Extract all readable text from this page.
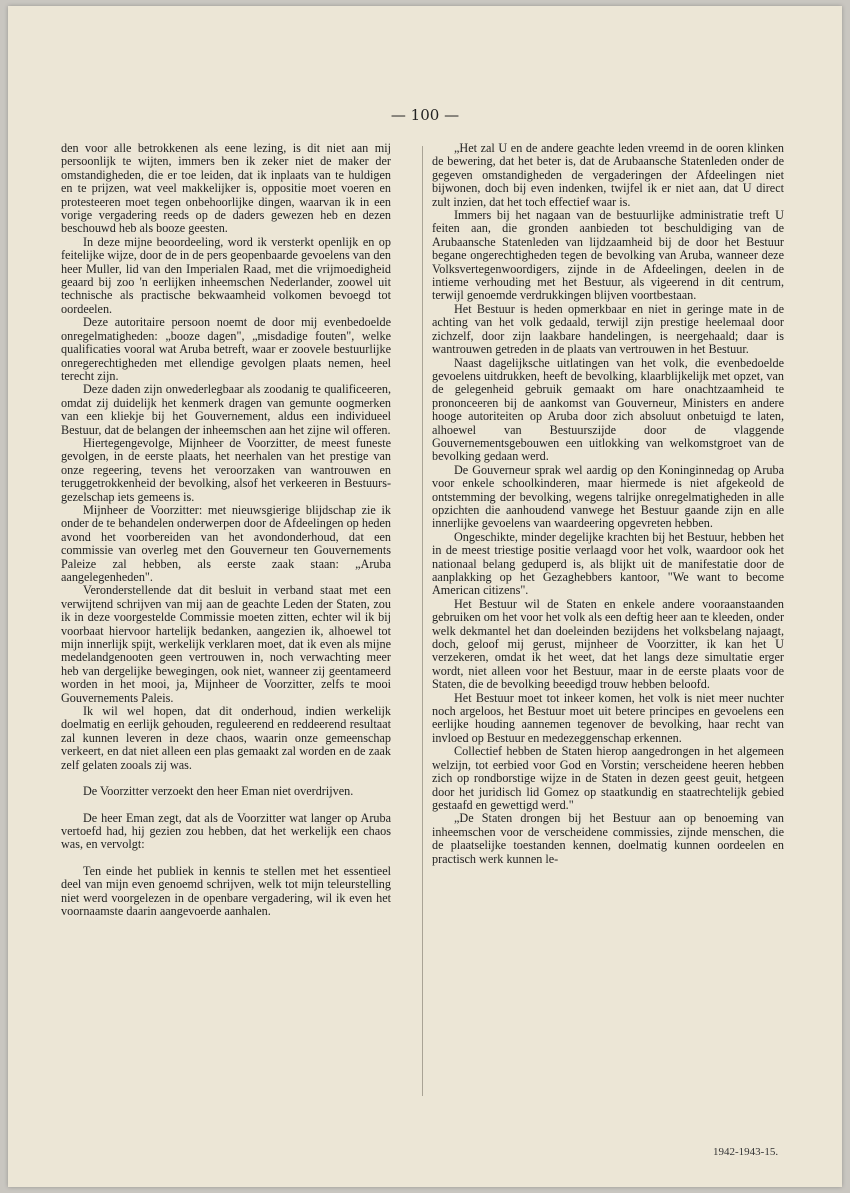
— 100 —

den voor alle betrokkenen als eene lezing, is dit niet aan mij persoonlijk te wijten, immers ben ik zeker niet de maker der omstandigheden, die er toe leiden, dat ik inplaats van te huldigen en te prijzen, wat veel makkelijker is, oppositie moet voeren en protesteeren moet tegen onbehoorlijke dingen, waarvan ik in een vorige vergadering reeds op de daders gewezen heb en dezen beschouwd heb als booze geesten.

In deze mijne beoordeeling, word ik versterkt openlijk en op feitelijke wijze, door de in de pers geopenbaarde gevoelens van den heer Muller, lid van den Imperialen Raad, met die vrijmoedigheid geaard bij zoo 'n eerlijken inheemschen Nederlander, zoowel uit technische als practische bekwaamheid volkomen bevoegd tot oordeelen.

Deze autoritaire persoon noemt de door mij evenbedoelde onregelmatigheden: „booze dagen", „misdadige fouten", welke qualificaties vooral wat Aruba betreft, waar er zoovele bestuurlijke onregerechtigheden met ellendige gevolgen plaats nemen, heel terecht zijn.

Deze daden zijn onwederlegbaar als zoodanig te qualificeeren, omdat zij duidelijk het kenmerk dragen van gemunte oogmerken van een kliekje bij het Gouvernement, aldus een individueel Bestuur, dat de belangen der inheemschen aan het zijne wil offeren.

Hiertegengevolge, Mijnheer de Voorzitter, de meest funeste gevolgen, in de eerste plaats, het neerhalen van het prestige van onze regeering, tevens het veroorzaken van wantrouwen en teruggetrokkenheid der bevolking, alsof het verkeeren in Bestuurs-gezelschap iets gemeens is.

Mijnheer de Voorzitter: met nieuwsgierige blijdschap zie ik onder de te behandelen onderwerpen door de Afdeelingen op heden avond het voorbereiden van het avondonderhoud, dat een commissie van overleg met den Gouverneur ten Gouvernements Paleize zal hebben, als eerste zaak staan: „Aruba aangelegenheden".

Veronderstellende dat dit besluit in verband staat met een verwijtend schrijven van mij aan de geachte Leden der Staten, zou ik in deze voorgestelde Commissie moeten zitten, echter wil ik bij voorbaat hiervoor hartelijk bedanken, aangezien ik, alhoewel tot mijn innerlijk spijt, werkelijk verklaren moet, dat ik even als mijne medelandgenooten geen vertrouwen in, noch verwachting meer heb van dergelijke bewegingen, ook niet, wanneer zij geentameerd worden in het mooi, ja, Mijnheer de Voorzitter, zelfs te mooi Gouvernements Paleis.

Ik wil wel hopen, dat dit onderhoud, indien werkelijk doelmatig en eerlijk gehouden, reguleerend en reddeerend resultaat zal kunnen leveren in deze chaos, waarin onze gemeenschap verkeert, en dat niet alleen een plas gemaakt zal worden en de zaak zelf gelaten zooals zij was.

De Voorzitter verzoekt den heer Eman niet overdrijven.

De heer Eman zegt, dat als de Voorzitter wat langer op Aruba vertoefd had, hij gezien zou hebben, dat het werkelijk een chaos was, en vervolgt:

Ten einde het publiek in kennis te stellen met het essentieel deel van mijn even genoemd schrijven, welk tot mijn teleurstelling niet werd voorgelezen in de openbare vergadering, wil ik even het voornaamste daarin aangevoerde aanhalen.

„Het zal U en de andere geachte leden vreemd in de ooren klinken de bewering, dat het beter is, dat de Arubaansche Statenleden onder de gegeven omstandigheden de vergaderingen der Afdeelingen niet bijwonen, doch bij even indenken, twijfel ik er niet aan, dat U direct zult inzien, dat het toch effectief waar is.

Immers bij het nagaan van de bestuurlijke administratie treft U feiten aan, die gronden aanbieden tot beschuldiging van de Arubaansche Statenleden van lijdzaamheid bij de door het Bestuur begane ongerechtigheden tegen de bevolking van Aruba, wanneer deze Volksvertegenwoordigers, zijnde in de Afdeelingen, deelen in de intieme verhouding met het Bestuur, als vigeerend in dit centrum, terwijl genoemde verdrukkingen blijven voortbestaan.

Het Bestuur is heden opmerkbaar en niet in geringe mate in de achting van het volk gedaald, terwijl zijn prestige heelemaal door zichzelf, door zijn laakbare handelingen, is neergehaald; daar is wantrouwen getreden in de plaats van vertrouwen in het Bestuur.

Naast dagelijksche uitlatingen van het volk, die evenbedoelde gevoelens uitdrukken, heeft de bevolking, klaarblijkelijk met opzet, van de gelegenheid gebruik gemaakt om hare onachtzaamheid te prononceeren bij de aankomst van Gouverneur, Ministers en andere hooge autoriteiten op Aruba door zich absoluut onbetuigd te laten, alhoewel van Bestuurszijde door de vlaggende Gouvernementsgebouwen een uitlokking van welkomstgroet van de bevolking gedaan werd.

De Gouverneur sprak wel aardig op den Koninginnedag op Aruba voor enkele schoolkinderen, maar hiermede is niet afgekeold de ontstemming der bevolking, wegens talrijke onregelmatigheden in alle opzichten die aanhoudend vanwege het Bestuur gaande zijn en alle innerlijke gevoelens van waardeering opgevreten hebben.

Ongeschikte, minder degelijke krachten bij het Bestuur, hebben het in de meest triestige positie verlaagd voor het volk, waardoor ook het nationaal belang geduperd is, als blijkt uit de manifestatie door de aanplakking op het Gezaghebbers kantoor, "We want to become American citizens".

Het Bestuur wil de Staten en enkele andere vooraanstaanden gebruiken om het voor het volk als een deftig heer aan te kleeden, onder welk dekmantel het dan doeleinden bezijdens het volksbelang najaagt, doch, geloof mij gerust, mijnheer de Voorzitter, ik kan het U verzekeren, omdat ik het weet, dat het langs deze simultatie erger wordt, niet alleen voor het Bestuur, maar in de eerste plaats voor de Staten, die de bevolking beeedigd trouw hebben beloofd.

Het Bestuur moet tot inkeer komen, het volk is niet meer nuchter noch argeloos, het Bestuur moet uit betere principes en gevoelens een eerlijke houding aannemen tegenover de bevolking, haar recht van invloed op Bestuur en medezeggenschap erkennen.

Collectief hebben de Staten hierop aangedrongen in het algemeen welzijn, tot eerbied voor God en Vorstin; verscheidene heeren hebben zich op rondborstige wijze in de Staten in dezen geest geuit, hetgeen door het juridisch lid Gomez op staatkundig en staatrechtelijk gebied gestaafd en gewettigd werd."

„De Staten drongen bij het Bestuur aan op benoeming van inheemschen voor de verscheidene commissies, zijnde menschen, die de plaatselijke toestanden kennen, doelmatig kunnen oordeelen en practisch werk kunnen le-

1942-1943-15.
